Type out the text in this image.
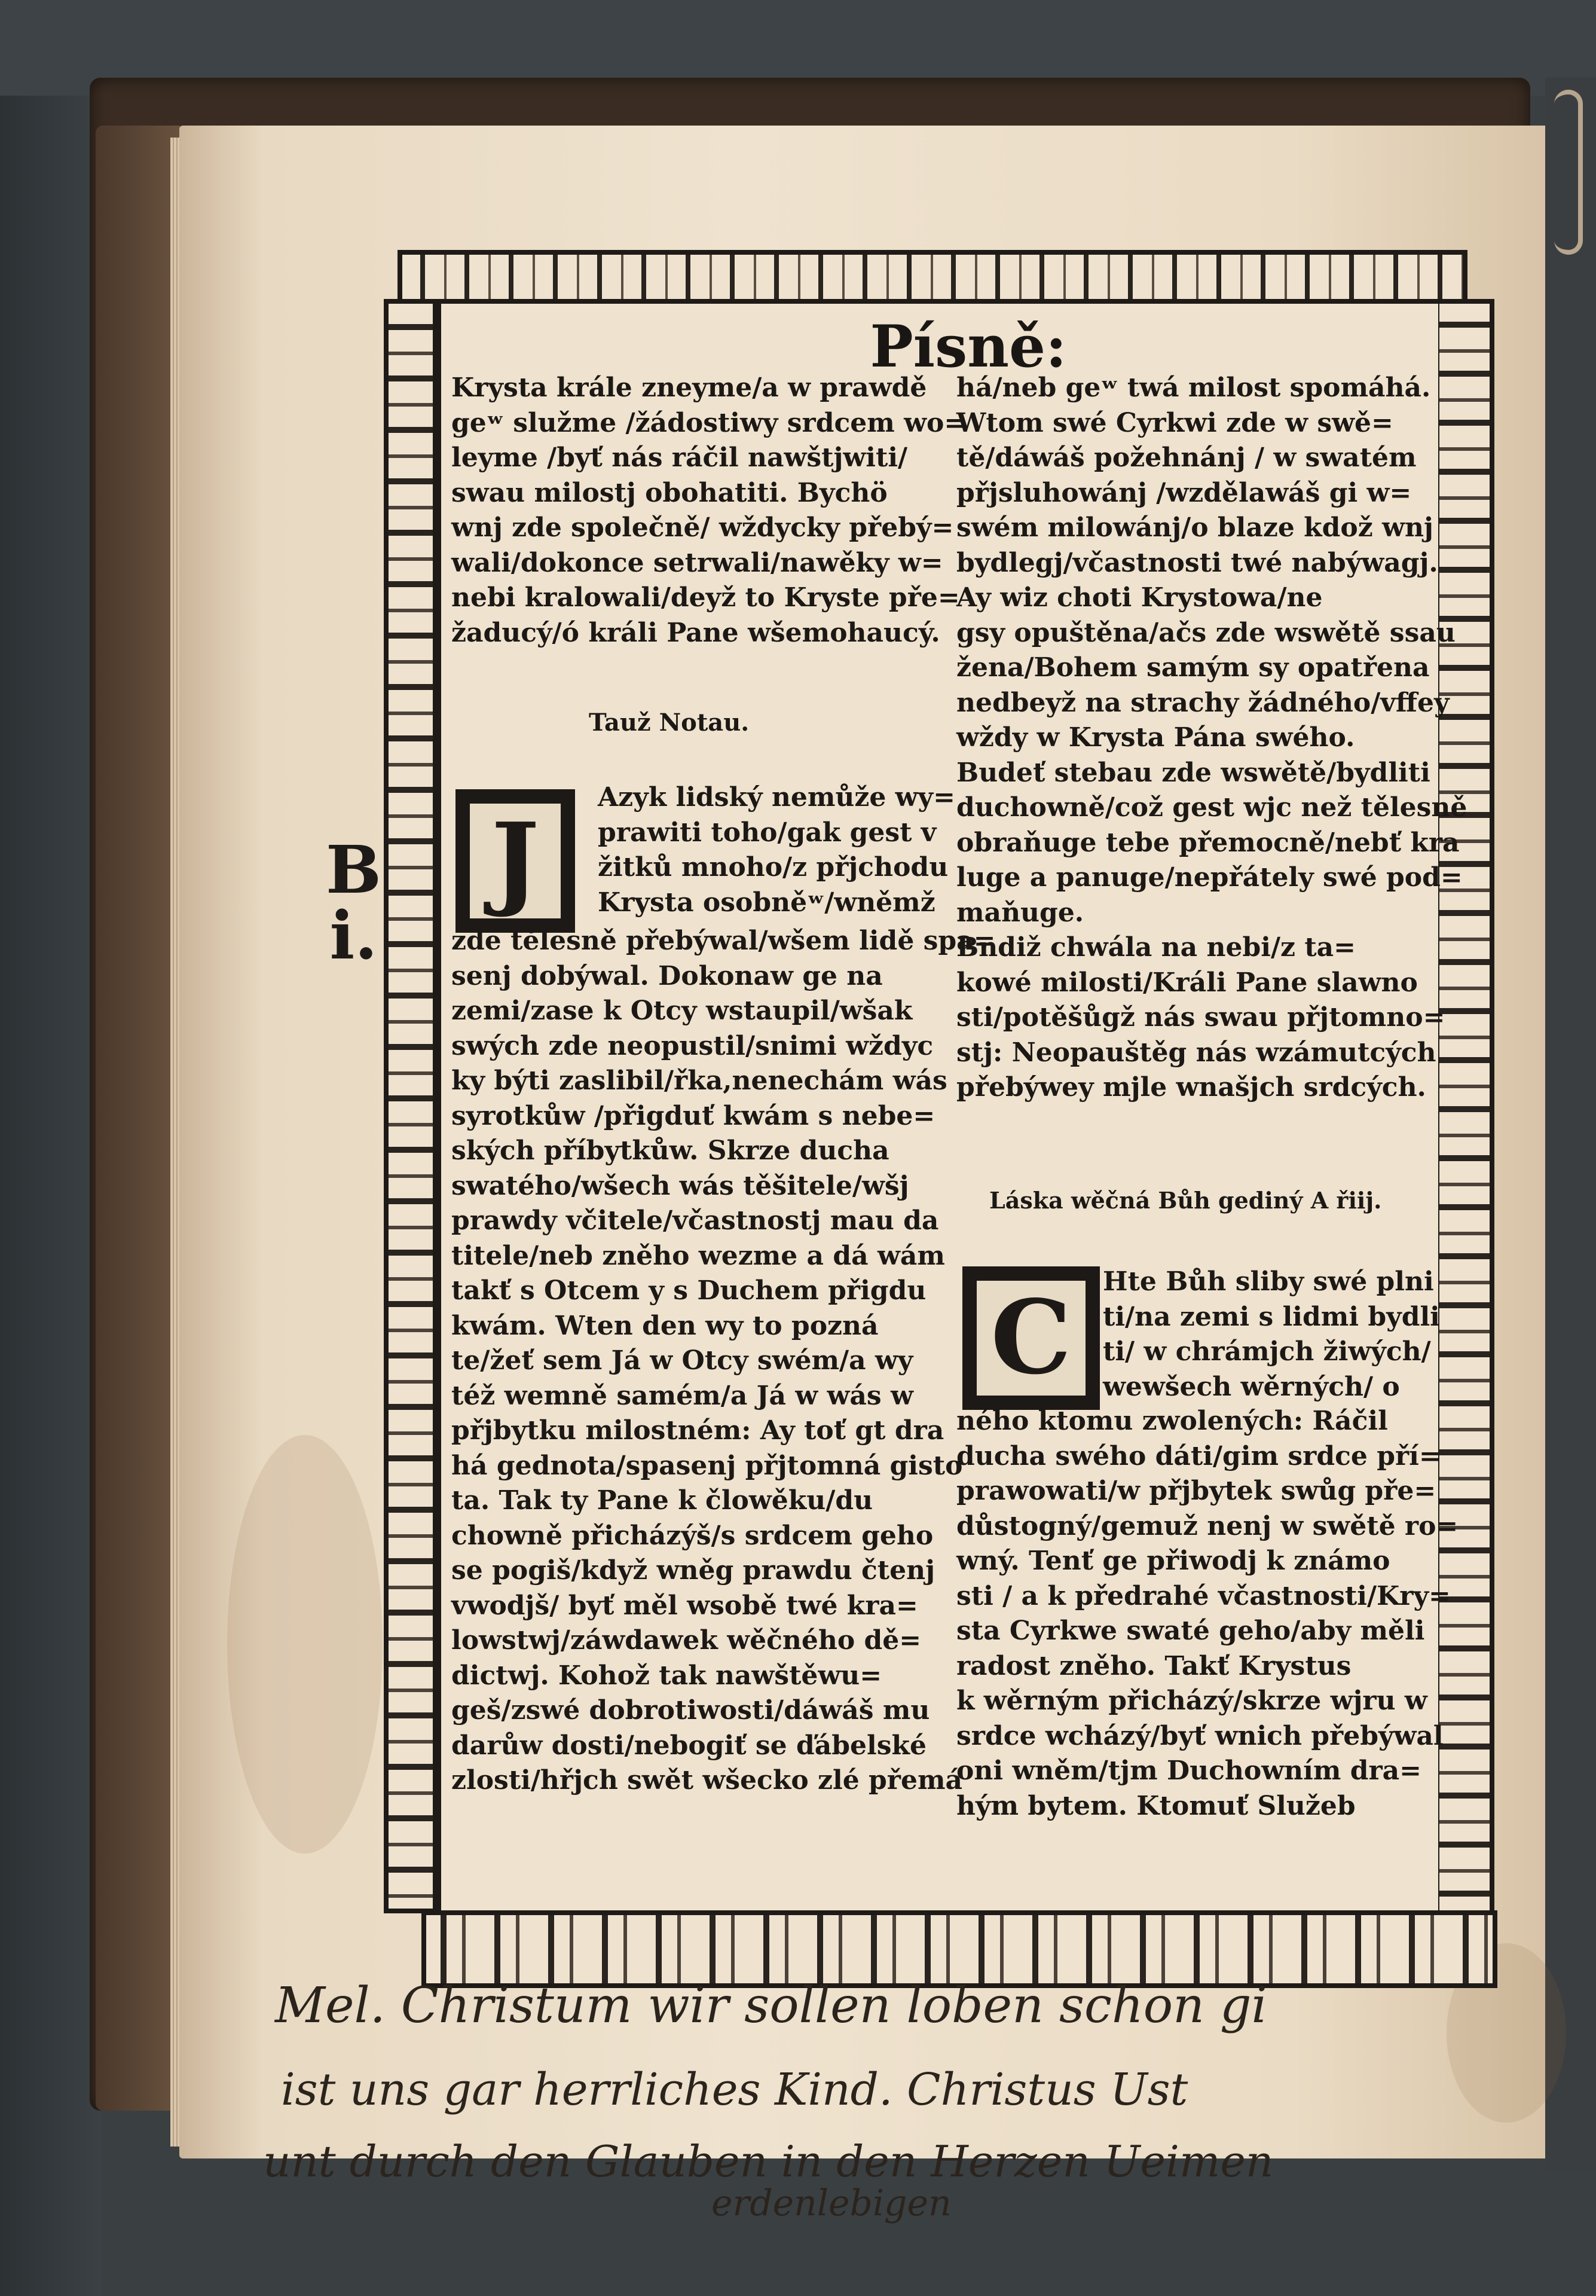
Písně:
Krysta krále zneyme/a w prawdě
geʷ služme /žádostiwy srdcem wo=
leyme /byť nás ráčil nawštjwiti/
swau milostj obohatiti. Bychö
wnj zde společně/ wždycky přebý=
wali/dokonce setrwali/nawěky w=
nebi kralowali/deyž to Kryste pře=
žaducý/ó králi Pane wšemohaucý.
Tauž Notau.
J
Azyk lidský nemůže wy=
prawiti toho/gak gest v
žitků mnoho/z přjchodu
Krysta osobněʷ/wněmž
zde tělesně přebýwal/wšem lidě spa=
senj dobýwal. Dokonaw ge na
zemi/zase k Otcy wstaupil/wšak
swých zde neopustil/snimi wždyc
ky býti zaslibil/řka,nenechám wás
syrotkůw /přigduť kwám s nebe=
ských příbytkůw. Skrze ducha
swatého/wšech wás těšitele/wšj
prawdy včitele/včastnostj mau da
titele/neb zněho wezme a dá wám
takť s Otcem y s Duchem přigdu
kwám. Wten den wy to pozná
te/žeť sem Já w Otcy swém/a wy
též wemně samém/a Já w wás w
přjbytku milostném: Ay toť gt dra
há gednota/spasenj přjtomná gisto
ta. Tak ty Pane k člowěku/du
chowně přicházýš/s srdcem geho
se pogiš/když wněg prawdu čtenj
vwodjš/ byť měl wsobě twé kra=
lowstwj/záwdawek wěčného dě=
dictwj. Kohož tak nawštěwu=
geš/zswé dobrotiwosti/dáwáš mu
darůw dosti/nebogiť se ďábelské
zlosti/hřjch swět wšecko zlé přemá
há/neb geʷ twá milost spomáhá.
Wtom swé Cyrkwi zde w swě=
tě/dáwáš požehnánj / w swatém
přjsluhowánj /wzdělawáš gi w=
swém milowánj/o blaze kdož wnj
bydlegj/včastnosti twé nabýwagj.
Ay wiz choti Krystowa/ne
gsy opuštěna/ačs zde wswětě ssau
žena/Bohem samým sy opatřena
nedbeyž na strachy žádného/vffey
wždy w Krysta Pána swého.
Budeť stebau zde wswětě/bydliti
duchowně/což gest wjc než tělesně
obraňuge tebe přemocně/nebť kra
luge a panuge/nepřátely swé pod=
maňuge.
Bndiž chwála na nebi/z ta=
kowé milosti/Králi Pane slawno
sti/potěšůgž nás swau přjtomno=
stj: Neopauštěg nás wzámutcých
přebýwey mjle wnašjch srdcých.
Láska wěčná Bůh gediný A řiij.
C	Hte Bůh sliby swé plni
ti/na zemi s lidmi bydli
ti/ w chrámjch žiwých/
wewšech wěrných/ o
ného ktomu zwolených: Ráčil
ducha swého dáti/gim srdce pří=
prawowati/w přjbytek swůg pře=
důstogný/gemuž nenj w swětě ro=
wný. Tenť ge přiwodj k známo
sti / a k předrahé včastnosti/Kry=
sta Cyrkwe swaté geho/aby měli
radost zněho. Takť Krystus
k wěrným přicházý/skrze wjru w
srdce wcházý/byť wnich přebýwal
oni wněm/tjm Duchowním dra=
hým bytem. Ktomuť Služeb
B
i.
Mel. Christum wir sollen loben schon gi
ist uns gar herrliches Kind. Christus Ust
unt durch den Glauben in den Herzen Ueimen
erdenlebigen
